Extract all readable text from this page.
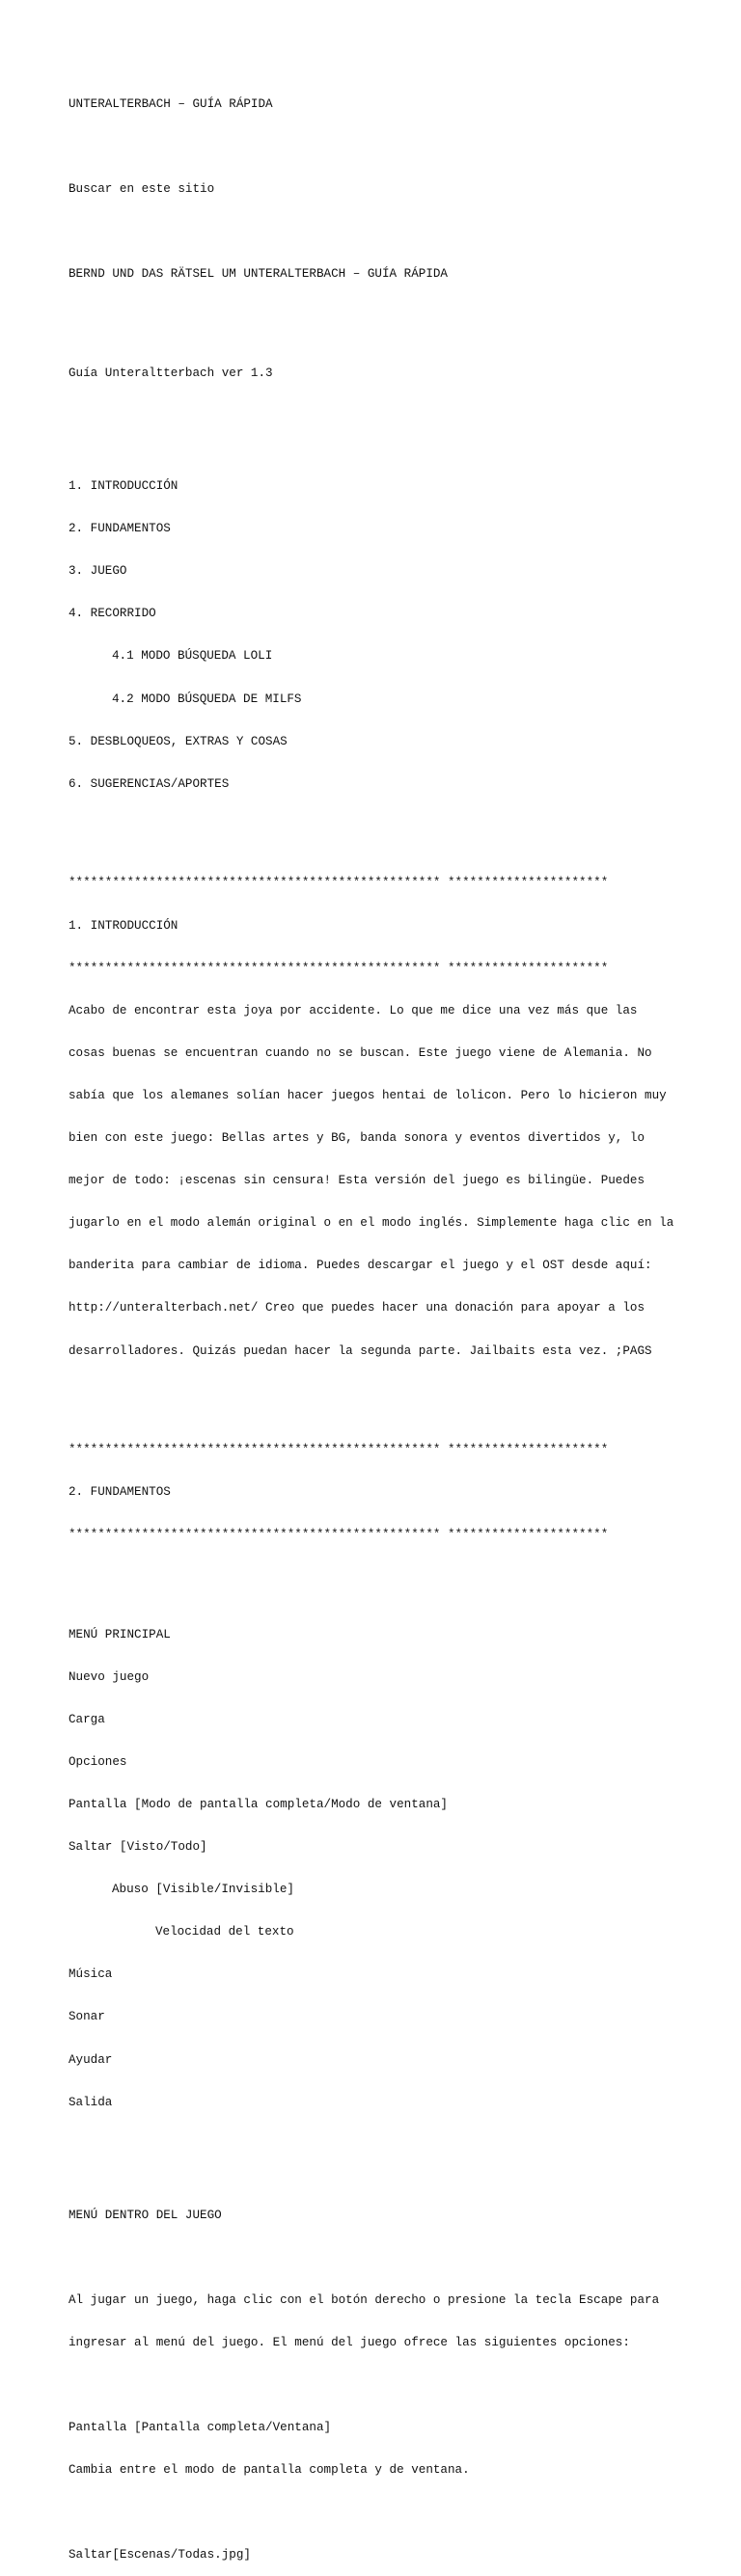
UNTERALTERBACH – GUÍA RÁPIDA

Buscar en este sitio

BERND UND DAS RÄTSEL UM UNTERALTERBACH – GUÍA RÁPIDA

Guía Unteraltterbach ver 1.3

1. INTRODUCCIÓN

2. FUNDAMENTOS

3. JUEGO

4. RECORRIDO

4.1 MODO BÚSQUEDA LOLI

4.2 MODO BÚSQUEDA DE MILFS

5. DESBLOQUEOS, EXTRAS Y COSAS

6. SUGERENCIAS/APORTES

*************************************************** **********************

1. INTRODUCCIÓN

*************************************************** **********************

Acabo de encontrar esta joya por accidente. Lo que me dice una vez más que las

cosas buenas se encuentran cuando no se buscan. Este juego viene de Alemania. No

sabía que los alemanes solían hacer juegos hentai de lolicon. Pero lo hicieron muy

bien con este juego: Bellas artes y BG, banda sonora y eventos divertidos y, lo

mejor de todo: ¡escenas sin censura! Esta versión del juego es bilingüe. Puedes

jugarlo en el modo alemán original o en el modo inglés. Simplemente haga clic en la

banderita para cambiar de idioma. Puedes descargar el juego y el OST desde aquí:

http://unteralterbach.net/ Creo que puedes hacer una donación para apoyar a los

desarrolladores. Quizás puedan hacer la segunda parte. Jailbaits esta vez. ;PAGS

*************************************************** **********************

2. FUNDAMENTOS

*************************************************** **********************

MENÚ PRINCIPAL

Nuevo juego

Carga

Opciones

Pantalla [Modo de pantalla completa/Modo de ventana]

Saltar [Visto/Todo]

Abuso [Visible/Invisible]

Velocidad del texto

Música

Sonar

Ayudar

Salida

MENÚ DENTRO DEL JUEGO

Al jugar un juego, haga clic con el botón derecho o presione la tecla Escape para

ingresar al menú del juego. El menú del juego ofrece las siguientes opciones:

Pantalla [Pantalla completa/Ventana]

Cambia entre el modo de pantalla completa y de ventana.

Saltar[Escenas/Todas.jpg]
